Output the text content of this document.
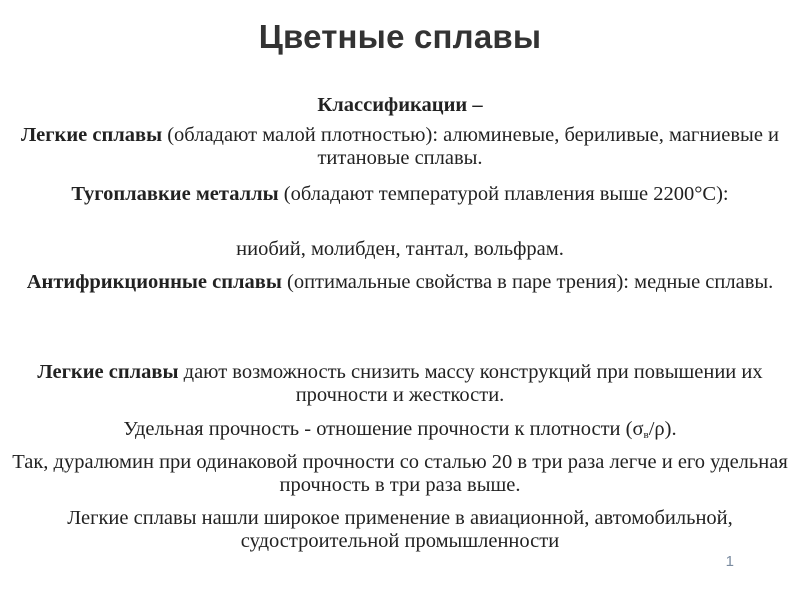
Цветные сплавы
Классификации –
Легкие сплавы (обладают малой плотностью): алюминевые, бериливые, магниевые и титановые сплавы.
Тугоплавкие металлы (обладают температурой плавления выше 2200°С):
ниобий, молибден, тантал, вольфрам.
Антифрикционные сплавы (оптимальные свойства в паре трения): медные сплавы.
Легкие сплавы дают возможность снизить массу конструкций при повышении их прочности и жесткости.
Удельная прочность - отношение прочности к плотности $(\sigma_в/\rho)$.
Так, дуралюмин при одинаковой прочности со сталью 20 в три раза легче и его удельная прочность в три раза выше.
Легкие сплавы нашли широкое применение в авиационной, автомобильной, судостроительной промышленности
1
